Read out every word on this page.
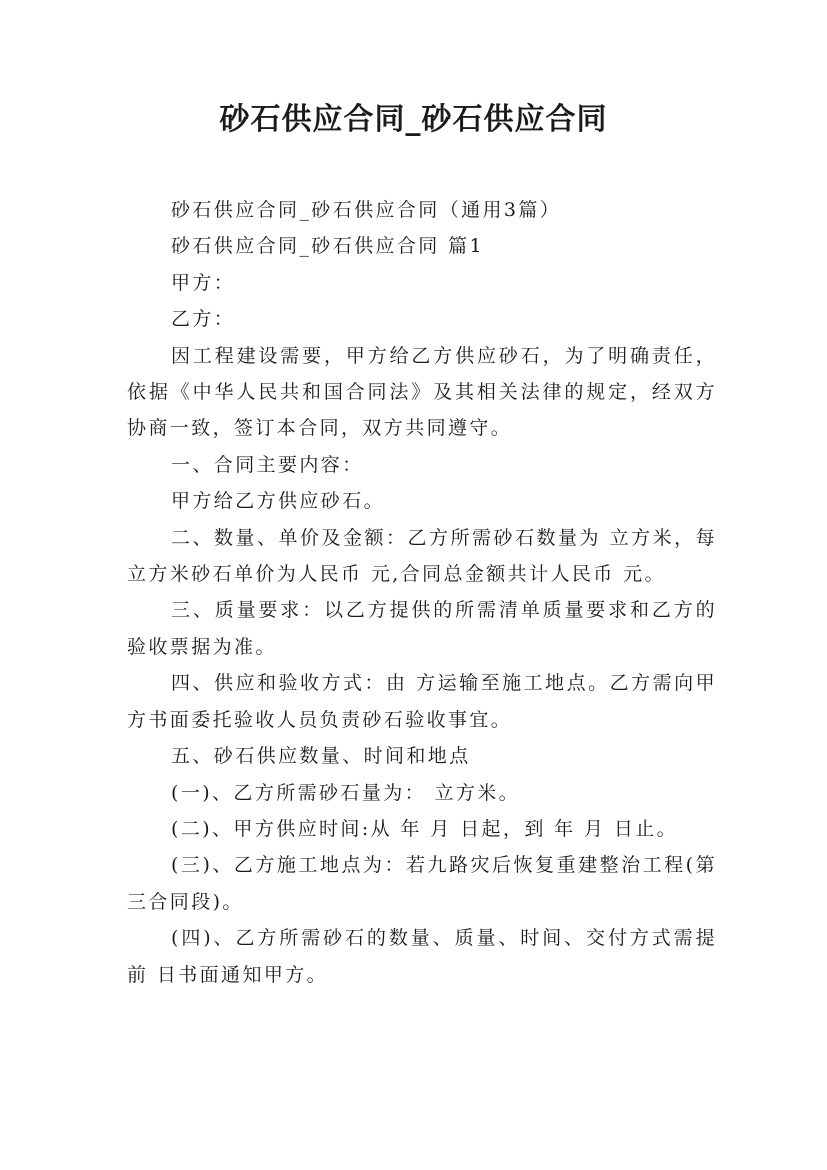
砂石供应合同_砂石供应合同

砂石供应合同_砂石供应合同（通用3篇）

砂石供应合同_砂石供应合同 篇1

甲方：

乙方：

因工程建设需要，甲方给乙方供应砂石，为了明确责任，依据《中华人民共和国合同法》及其相关法律的规定，经双方协商一致，签订本合同，双方共同遵守。

一、合同主要内容：

甲方给乙方供应砂石。

二、数量、单价及金额：乙方所需砂石数量为 立方米，每立方米砂石单价为人民币 元,合同总金额共计人民币 元。

三、质量要求：以乙方提供的所需清单质量要求和乙方的验收票据为准。

四、供应和验收方式：由 方运输至施工地点。乙方需向甲方书面委托验收人员负责砂石验收事宜。

五、砂石供应数量、时间和地点

(一)、乙方所需砂石量为： 立方米。

(二)、甲方供应时间:从 年 月 日起，到 年 月 日止。

(三)、乙方施工地点为：若九路灾后恢复重建整治工程(第三合同段)。

(四)、乙方所需砂石的数量、质量、时间、交付方式需提前 日书面通知甲方。
